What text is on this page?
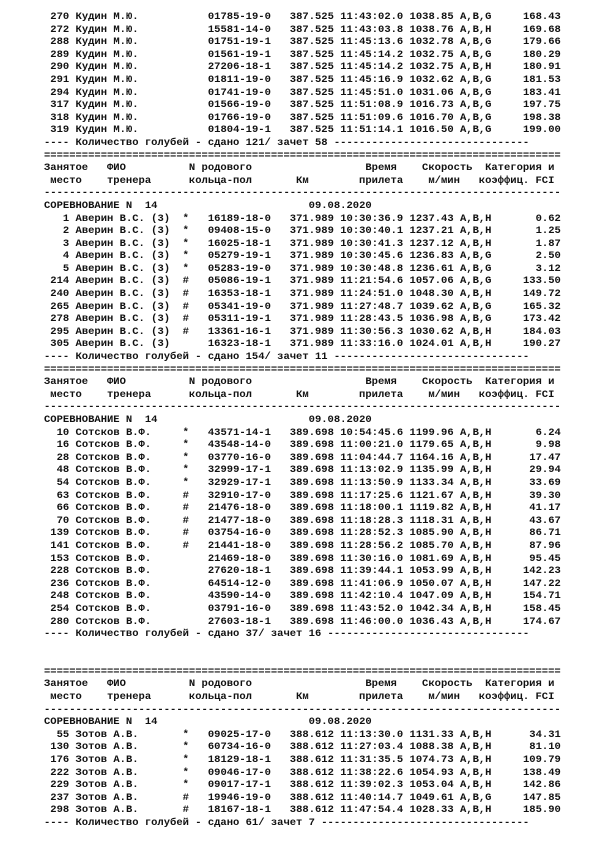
270 Кудин М.Ю.	01785-19-0 387.525 11:43:02.0 1038.85 A,B,G     168.43
272 Кудин М.Ю.	15581-14-0 387.525 11:43:03.8 1038.76 A,B,H     169.68
288 Кудин М.Ю.	01751-19-1 387.525 11:45:13.6 1032.78 A,B,G     179.66
289 Кудин М.Ю.	01561-19-1 387.525 11:45:14.2 1032.75 A,B,G     180.29
290 Кудин М.Ю.	27206-18-1 387.525 11:45:14.2 1032.75 A,B,H     180.91
291 Кудин М.Ю.	01811-19-0 387.525 11:45:16.9 1032.62 A,B,G     181.53
294 Кудин М.Ю.	01741-19-0 387.525 11:45:51.0 1031.06 A,B,G     183.41
317 Кудин М.Ю.	01566-19-0 387.525 11:51:08.9 1016.73 A,B,G     197.75
318 Кудин М.Ю.	01766-19-0 387.525 11:51:09.6 1016.70 A,B,G     198.38
319 Кудин М.Ю.	01804-19-1 387.525 11:51:14.1 1016.50 A,B,G     199.00
---- Количество голубей - сдано 121/ зачет 58 -------------------------------
==================================================================================
Занятое   ФИО          N родового                  Время    Скорость  Категория и
место    тренера      кольца-пол       Км        прилета    м/мин   коэффиц. FCI
----------------------------------------------------------------------------------
СОРЕВНОВАНИЕ N  14                        09.08.2020
1 Аверин В.С. (3) * 16189-18-0 371.989 10:30:36.9 1237.43 A,B,H       0.62
2 Аверин В.С. (3) * 09408-15-0 371.989 10:30:40.1 1237.21 A,B,H       1.25
3 Аверин В.С. (3) * 16025-18-1 371.989 10:30:41.3 1237.12 A,B,H       1.87
4 Аверин В.С. (3) * 05279-19-1 371.989 10:30:45.6 1236.83 A,B,G       2.50
5 Аверин В.С. (3) * 05283-19-0 371.989 10:30:48.8 1236.61 A,B,G       3.12
214 Аверин В.С. (3) # 05086-19-1 371.989 11:21:54.6 1057.06 A,B,G     133.50
240 Аверин В.С. (3) # 16353-18-1 371.989 11:24:51.0 1048.30 A,B,H     149.72
265 Аверин В.С. (3) # 05341-19-0 371.989 11:27:48.7 1039.62 A,B,G     165.32
278 Аверин В.С. (3) # 05311-19-1 371.989 11:28:43.5 1036.98 A,B,G     173.42
295 Аверин В.С. (3) # 13361-16-1 371.989 11:30:56.3 1030.62 A,B,H     184.03
305 Аверин В.С. (3)	16323-18-1 371.989 11:33:16.0 1024.01 A,B,H     190.27
---- Количество голубей - сдано 154/ зачет 11 -------------------------------
==================================================================================
Занятое   ФИО          N родового                  Время    Скорость  Категория и
место    тренера      кольца-пол       Км        прилета    м/мин   коэффиц. FCI
----------------------------------------------------------------------------------
СОРЕВНОВАНИЕ N  14                        09.08.2020
10 Сотсков В.Ф.     * 43571-14-1 389.698 10:54:45.6 1199.96 A,B,H       6.24
16 Сотсков В.Ф.     * 43548-14-0 389.698 11:00:21.0 1179.65 A,B,H       9.98
28 Сотсков В.Ф.     * 03770-16-0 389.698 11:04:44.7 1164.16 A,B,H      17.47
48 Сотсков В.Ф.     * 32999-17-1 389.698 11:13:02.9 1135.99 A,B,H      29.94
54 Сотсков В.Ф.     * 32929-17-1 389.698 11:13:50.9 1133.34 A,B,H      33.69
63 Сотсков В.Ф.     # 32910-17-0 389.698 11:17:25.6 1121.67 A,B,H      39.30
66 Сотсков В.Ф.     # 21476-18-0 389.698 11:18:00.1 1119.82 A,B,H      41.17
70 Сотсков В.Ф.     # 21477-18-0 389.698 11:18:28.3 1118.31 A,B,H      43.67
139 Сотсков В.Ф.     # 03754-16-0 389.698 11:28:52.3 1085.90 A,B,H      86.71
141 Сотсков В.Ф.     # 21441-18-0 389.698 11:28:56.2 1085.70 A,B,H      87.96
153 Сотсков В.Ф.	21469-18-0 389.698 11:30:16.0 1081.69 A,B,H      95.45
228 Сотсков В.Ф.	27620-18-1 389.698 11:39:44.1 1053.99 A,B,H     142.23
236 Сотсков В.Ф.	64514-12-0 389.698 11:41:06.9 1050.07 A,B,H     147.22
248 Сотсков В.Ф.	43590-14-0 389.698 11:42:10.4 1047.09 A,B,H     154.71
254 Сотсков В.Ф.	03791-16-0 389.698 11:43:52.0 1042.34 A,B,H     158.45
280 Сотсков В.Ф.	27603-18-1 389.698 11:46:00.0 1036.43 A,B,H     174.67
---- Количество голубей - сдано 37/ зачет 16 --------------------------------

==================================================================================
Занятое   ФИО          N родового                  Время    Скорость  Категория и
место    тренера      кольца-пол       Км        прилета    м/мин   коэффиц. FCI
----------------------------------------------------------------------------------
СОРЕВНОВАНИЕ N  14                        09.08.2020
55 Зотов А.В.       * 09025-17-0 388.612 11:13:30.0 1131.33 A,B,H      34.31
130 Зотов А.В.       * 60734-16-0 388.612 11:27:03.4 1088.38 A,B,H      81.10
176 Зотов А.В.       * 18129-18-1 388.612 11:31:35.5 1074.73 A,B,H     109.79
222 Зотов А.В.       * 09046-17-0 388.612 11:38:22.6 1054.93 A,B,H     138.49
229 Зотов А.В.       * 09017-17-1 388.612 11:39:02.3 1053.04 A,B,H     142.86
237 Зотов А.В.       # 19946-19-0 388.612 11:40:14.7 1049.61 A,B,G     147.85
298 Зотов А.В.       # 18167-18-1 388.612 11:47:54.4 1028.33 A,B,H     185.90
---- Количество голубей - сдано 61/ зачет 7 ---------------------------------
